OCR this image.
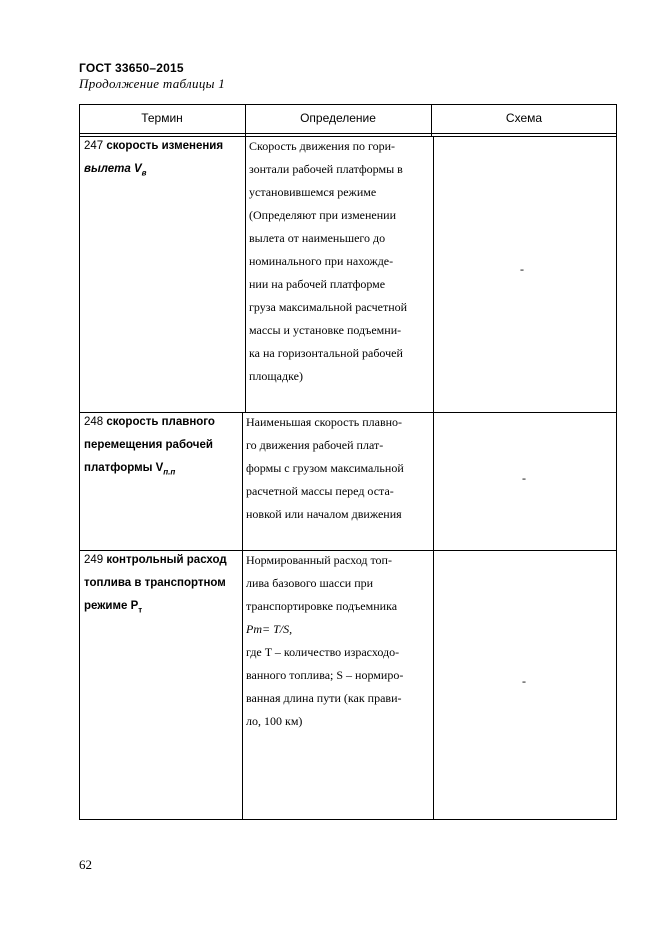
ГОСТ 33650–2015
Продолжение таблицы 1
Термин	Определение	Схема
247 скорость изменения
вылета $V_в$
Скорость движения по гори-
зонтали рабочей платформы в
установившемся режиме
(Определяют при изменении
вылета от наименьшего до
номинального при нахожде-
нии на рабочей платформе
груза максимальной расчетной
массы и установке подъемни-
ка на горизонтальной рабочей
площадке)
-
248 скорость плавного
перемещения рабочей
платформы $V_{п.п}$
Наименьшая скорость плавно-
го движения рабочей плат-
формы с грузом максимальной
расчетной массы перед оста-
новкой или началом движения
-
249 контрольный расход
топлива в транспортном
режиме $P_т$
Нормированный расход топ-
лива базового шасси при
транспортировке подъемника
Pт= T/S,
где T – количество израсходо-
ванного топлива; S – нормиро-
ванная длина пути (как прави-
ло, 100 км)
-
62
